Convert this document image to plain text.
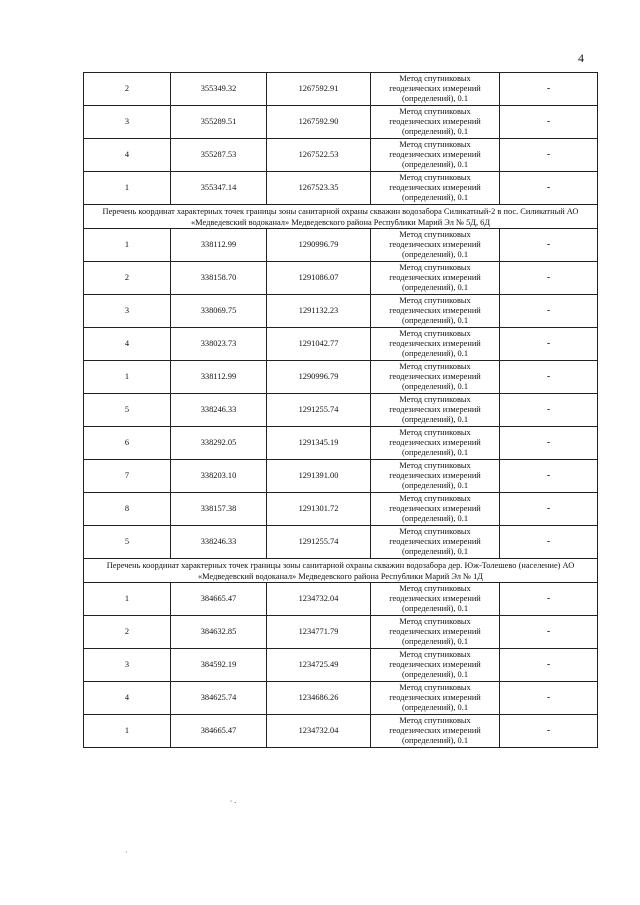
4
2	355349.32	1267592.91	Метод спутниковых
геодезических измерений
(определений), 0.1	-
3	355289.51	1267592.90	Метод спутниковых
геодезических измерений
(определений), 0.1	-
4	355287.53	1267522.53	Метод спутниковых
геодезических измерений
(определений), 0.1	-
1	355347.14	1267523.35	Метод спутниковых
геодезических измерений
(определений), 0.1	-
Перечень координат характерных точек границы зоны санитарной охраны скважин водозабора Силикатный-2 в пос. Силикатный АО «Медведевский водоканал» Медведевского района Республики Марий Эл № 5Д, 6Д				
1	338112.99	1290996.79	Метод спутниковых
геодезических измерений
(определений), 0.1	-
2	338158.70	1291086.07	Метод спутниковых
геодезических измерений
(определений), 0.1	-
3	338069.75	1291132.23	Метод спутниковых
геодезических измерений
(определений), 0.1	-
4	338023.73	1291042.77	Метод спутниковых
геодезических измерений
(определений), 0.1	-
1	338112.99	1290996.79	Метод спутниковых
геодезических измерений
(определений), 0.1	-
5	338246.33	1291255.74	Метод спутниковых
геодезических измерений
(определений), 0.1	-
6	338292.05	1291345.19	Метод спутниковых
геодезических измерений
(определений), 0.1	-
7	338203.10	1291391.00	Метод спутниковых
геодезических измерений
(определений), 0.1	-
8	338157.38	1291301.72	Метод спутниковых
геодезических измерений
(определений), 0.1	-
5	338246.33	1291255.74	Метод спутниковых
геодезических измерений
(определений), 0.1	-
Перечень координат характерных точек границы зоны санитарной охраны скважин водозабора дер. Юж-Толешево (население) АО «Медведевский водоканал» Медведевского района Республики Марий Эл № 1Д				
1	384665.47	1234732.04	Метод спутниковых
геодезических измерений
(определений), 0.1	-
2	384632.85	1234771.79	Метод спутниковых
геодезических измерений
(определений), 0.1	-
3	384592.19	1234725.49	Метод спутниковых
геодезических измерений
(определений), 0.1	-
4	384625.74	1234686.26	Метод спутниковых
геодезических измерений
(определений), 0.1	-
1	384665.47	1234732.04	Метод спутниковых
геодезических измерений
(определений), 0.1	-
⸱ ⸳
·
